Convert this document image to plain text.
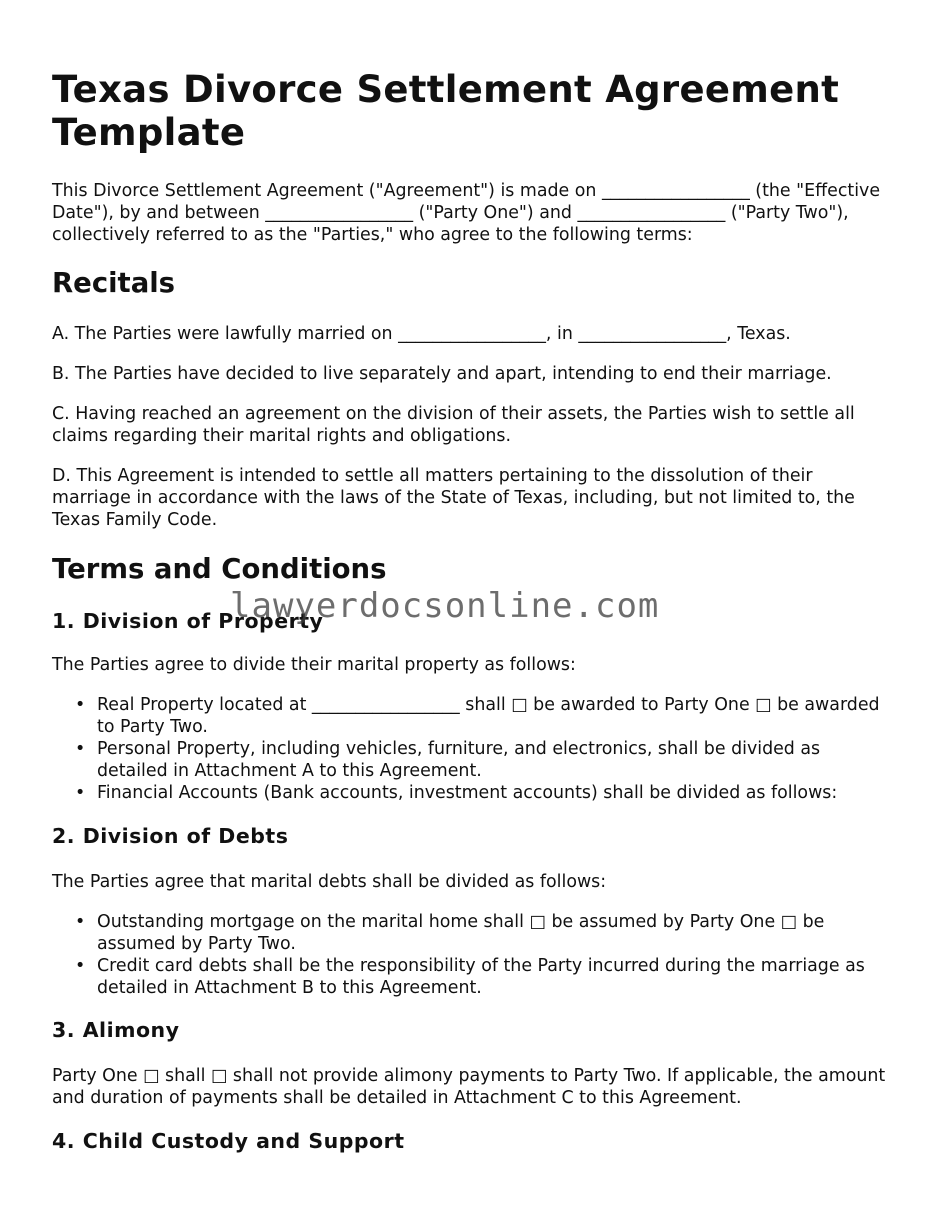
Texas Divorce Settlement Agreement Template

This Divorce Settlement Agreement ("Agreement") is made on _________________ (the "Effective Date"), by and between _________________ ("Party One") and _________________ ("Party Two"), collectively referred to as the "Parties," who agree to the following terms:

Recitals

A. The Parties were lawfully married on _________________, in _________________, Texas.

B. The Parties have decided to live separately and apart, intending to end their marriage.

C. Having reached an agreement on the division of their assets, the Parties wish to settle all claims regarding their marital rights and obligations.

D. This Agreement is intended to settle all matters pertaining to the dissolution of their marriage in accordance with the laws of the State of Texas, including, but not limited to, the Texas Family Code.

Terms and Conditions
1. Division of Property

The Parties agree to divide their marital property as follows:

• Real Property located at _________________ shall □ be awarded to Party One □ be awarded to Party Two.
• Personal Property, including vehicles, furniture, and electronics, shall be divided as detailed in Attachment A to this Agreement.
• Financial Accounts (Bank accounts, investment accounts) shall be divided as follows:
2. Division of Debts

The Parties agree that marital debts shall be divided as follows:

• Outstanding mortgage on the marital home shall □ be assumed by Party One □ be assumed by Party Two.
• Credit card debts shall be the responsibility of the Party incurred during the marriage as detailed in Attachment B to this Agreement.
3. Alimony

Party One □ shall □ shall not provide alimony payments to Party Two. If applicable, the amount and duration of payments shall be detailed in Attachment C to this Agreement.

4. Child Custody and Support
lawyerdocsonline.com
